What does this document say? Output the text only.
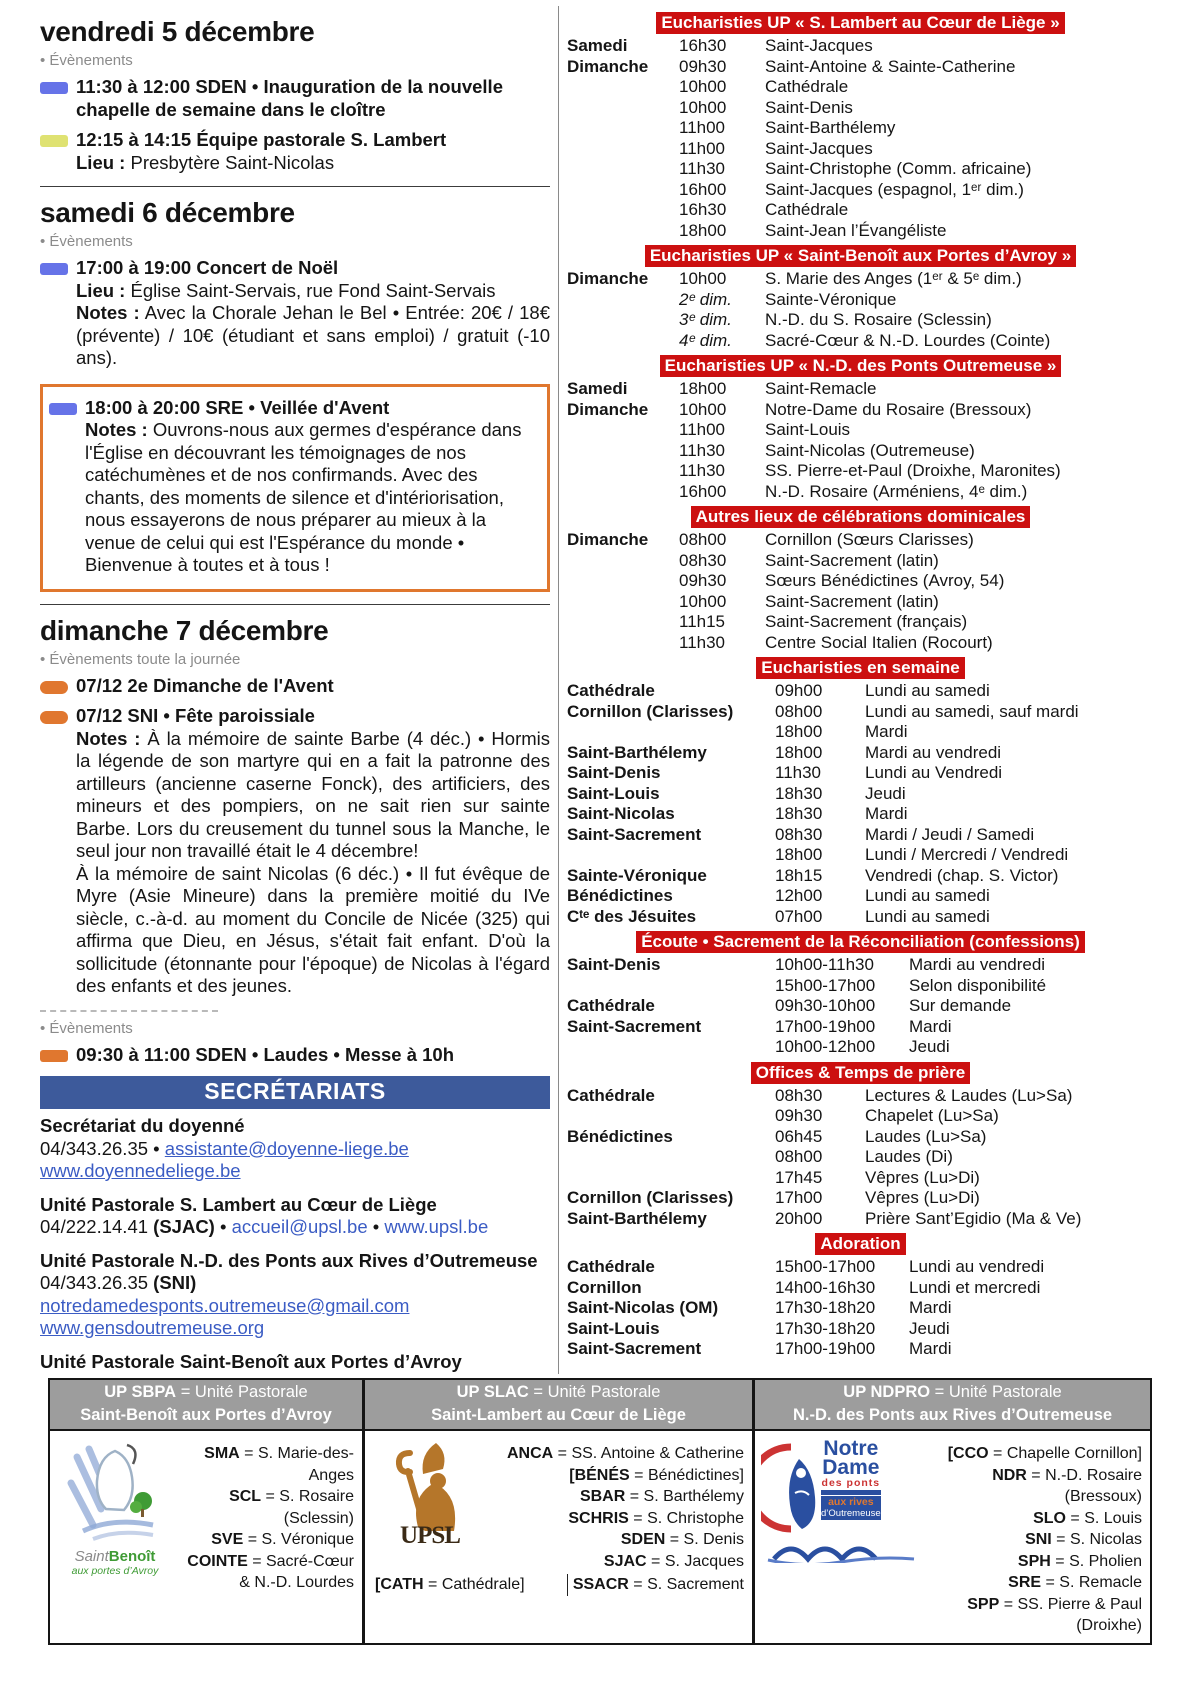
vendredi 5 décembre
• Évènements

11:30 à 12:00 SDEN • Inauguration de la nouvelle chapelle de semaine dans le cloître

12:15 à 14:15 Équipe pastorale S. Lambert

Lieu : Presbytère Saint-Nicolas

samedi 6 décembre
• Évènements

17:00 à 19:00 Concert de Noël

Lieu : Église Saint-Servais, rue Fond Saint-Servais

Notes : Avec la Chorale Jehan le Bel • Entrée: 20€ / 18€ (prévente) / 10€ (étudiant et sans emploi) / gratuit (-10 ans).

18:00 à 20:00 SRE • Veillée d'Avent

Notes : Ouvrons-nous aux germes d'espérance dans l'Église en découvrant les témoignages de nos catéchumènes et de nos confirmands. Avec des chants, des moments de silence et d'intériorisation, nous essayerons de nous préparer au mieux à la venue de celui qui est l'Espérance du monde • Bienvenue à toutes et à tous !

dimanche 7 décembre
• Évènements toute la journée

07/12 2e Dimanche de l'Avent

07/12 SNI • Fête paroissiale

Notes : À la mémoire de sainte Barbe (4 déc.) • Hormis la légende de son martyre qui en a fait la patronne des artilleurs (ancienne caserne Fonck), des artificiers, des mineurs et des pompiers, on ne sait rien sur sainte Barbe. Lors du creusement du tunnel sous la Manche, le seul jour non travaillé était le 4 décembre!

À la mémoire de saint Nicolas (6 déc.) • Il fut évêque de Myre (Asie Mineure) dans la première moitié du IVe siècle, c.-à-d. au moment du Concile de Nicée (325) qui affirma que Dieu, en Jésus, s'était fait enfant. D'où la sollicitude (étonnante pour l'époque) de Nicolas à l'égard des enfants et des jeunes.

• Évènements

09:30 à 11:00 SDEN • Laudes • Messe à 10h

SECRÉTARIATS

Secrétariat du doyenné

04/343.26.35 • assistante@doyenne-liege.be

www.doyennedeliege.be

Unité Pastorale S. Lambert au Cœur de Liège

04/222.14.41 (SJAC) • accueil@upsl.be • www.upsl.be

Unité Pastorale N.-D. des Ponts aux Rives d’Outremeuse

04/343.26.35 (SNI)

notredamedesponts.outremeuse@gmail.com

www.gensdoutremeuse.org

Unité Pastorale Saint-Benoît aux Portes d’Avroy

Eucharisties UP « S. Lambert au Cœur de Liège »
Samedi	16h30	Saint-Jacques
Dimanche	09h30	Saint-Antoine & Sainte-Catherine
10h00	Cathédrale
10h00	Saint-Denis
11h00	Saint-Barthélemy
11h00	Saint-Jacques
11h30	Saint-Christophe (Comm. africaine)
16h00	Saint-Jacques (espagnol, 1ᵉʳ dim.)
16h30	Cathédrale
18h00	Saint-Jean l’Évangéliste
Eucharisties UP « Saint-Benoît aux Portes d’Avroy »
Dimanche	10h00	S. Marie des Anges (1ᵉʳ & 5ᵉ dim.)
2ᵉ dim.	Sainte-Véronique
3ᵉ dim.	N.-D. du S. Rosaire (Sclessin)
4ᵉ dim.	Sacré-Cœur & N.-D. Lourdes (Cointe)
Eucharisties UP « N.-D. des Ponts Outremeuse »
Samedi	18h00	Saint-Remacle
Dimanche	10h00	Notre-Dame du Rosaire (Bressoux)
11h00	Saint-Louis
11h30	Saint-Nicolas (Outremeuse)
11h30	SS. Pierre-et-Paul (Droixhe, Maronites)
16h00	N.-D. Rosaire (Arméniens, 4ᵉ dim.)
Autres lieux de célébrations dominicales
Dimanche	08h00	Cornillon (Sœurs Clarisses)
08h30	Saint-Sacrement (latin)
09h30	Sœurs Bénédictines (Avroy, 54)
10h00	Saint-Sacrement (latin)
11h15	Saint-Sacrement (français)
11h30	Centre Social Italien (Rocourt)
Eucharisties en semaine
Cathédrale	09h00	Lundi au samedi
Cornillon (Clarisses)	08h00	Lundi au samedi, sauf mardi
18h00	Mardi
Saint-Barthélemy	18h00	Mardi au vendredi
Saint-Denis	11h30	Lundi au Vendredi
Saint-Louis	18h30	Jeudi
Saint-Nicolas	18h30	Mardi
Saint-Sacrement	08h30	Mardi / Jeudi / Samedi
18h00	Lundi / Mercredi / Vendredi
Sainte-Véronique	18h15	Vendredi (chap. S. Victor)
Bénédictines	12h00	Lundi au samedi
Cᵗᵉ des Jésuites	07h00	Lundi au samedi
Écoute • Sacrement de la Réconciliation (confessions)
Saint-Denis	10h00-11h30	Mardi au vendredi
15h00-17h00	Selon disponibilité
Cathédrale	09h30-10h00	Sur demande
Saint-Sacrement	17h00-19h00	Mardi
10h00-12h00	Jeudi
Offices & Temps de prière
Cathédrale	08h30	Lectures & Laudes (Lu>Sa)
09h30	Chapelet (Lu>Sa)
Bénédictines	06h45	Laudes (Lu>Sa)
08h00	Laudes (Di)
17h45	Vêpres (Lu>Di)
Cornillon (Clarisses)	17h00	Vêpres (Lu>Di)
Saint-Barthélemy	20h00	Prière Sant’Egidio (Ma & Ve)
Adoration
Cathédrale	15h00-17h00	Lundi au vendredi
Cornillon	14h00-16h30	Lundi et mercredi
Saint-Nicolas (OM)	17h30-18h20	Mardi
Saint-Louis	17h30-18h20	Jeudi
Saint-Sacrement	17h00-19h00	Mardi
UP SBPA = Unité Pastorale
Saint-Benoît aux Portes d’Avroy
SaintBenoît
aux portes d’Avroy
SMA = S. Marie-des-Anges
SCL = S. Rosaire (Sclessin)
SVE = S. Véronique
COINTE = Sacré-Cœur
& N.-D. Lourdes
UP SLAC = Unité Pastorale
Saint-Lambert au Cœur de Liège
UPSL
ANCA = SS. Antoine & Catherine
[BÉNÉS = Bénédictines]
SBAR = S. Barthélemy
SCHRIS = S. Christophe
SDEN = S. Denis
SJAC = S. Jacques
[CATH = Cathédrale]	SSACR = S. Sacrement
UP NDPRO = Unité Pastorale
N.-D. des Ponts aux Rives d’Outremeuse
Notre
Dame
des ponts
aux rives
d’Outremeuse
[CCO = Chapelle Cornillon]
NDR = N.-D. Rosaire (Bressoux)
SLO = S. Louis
SNI = S. Nicolas
SPH = S. Pholien
SRE = S. Remacle
SPP = SS. Pierre & Paul (Droixhe)
